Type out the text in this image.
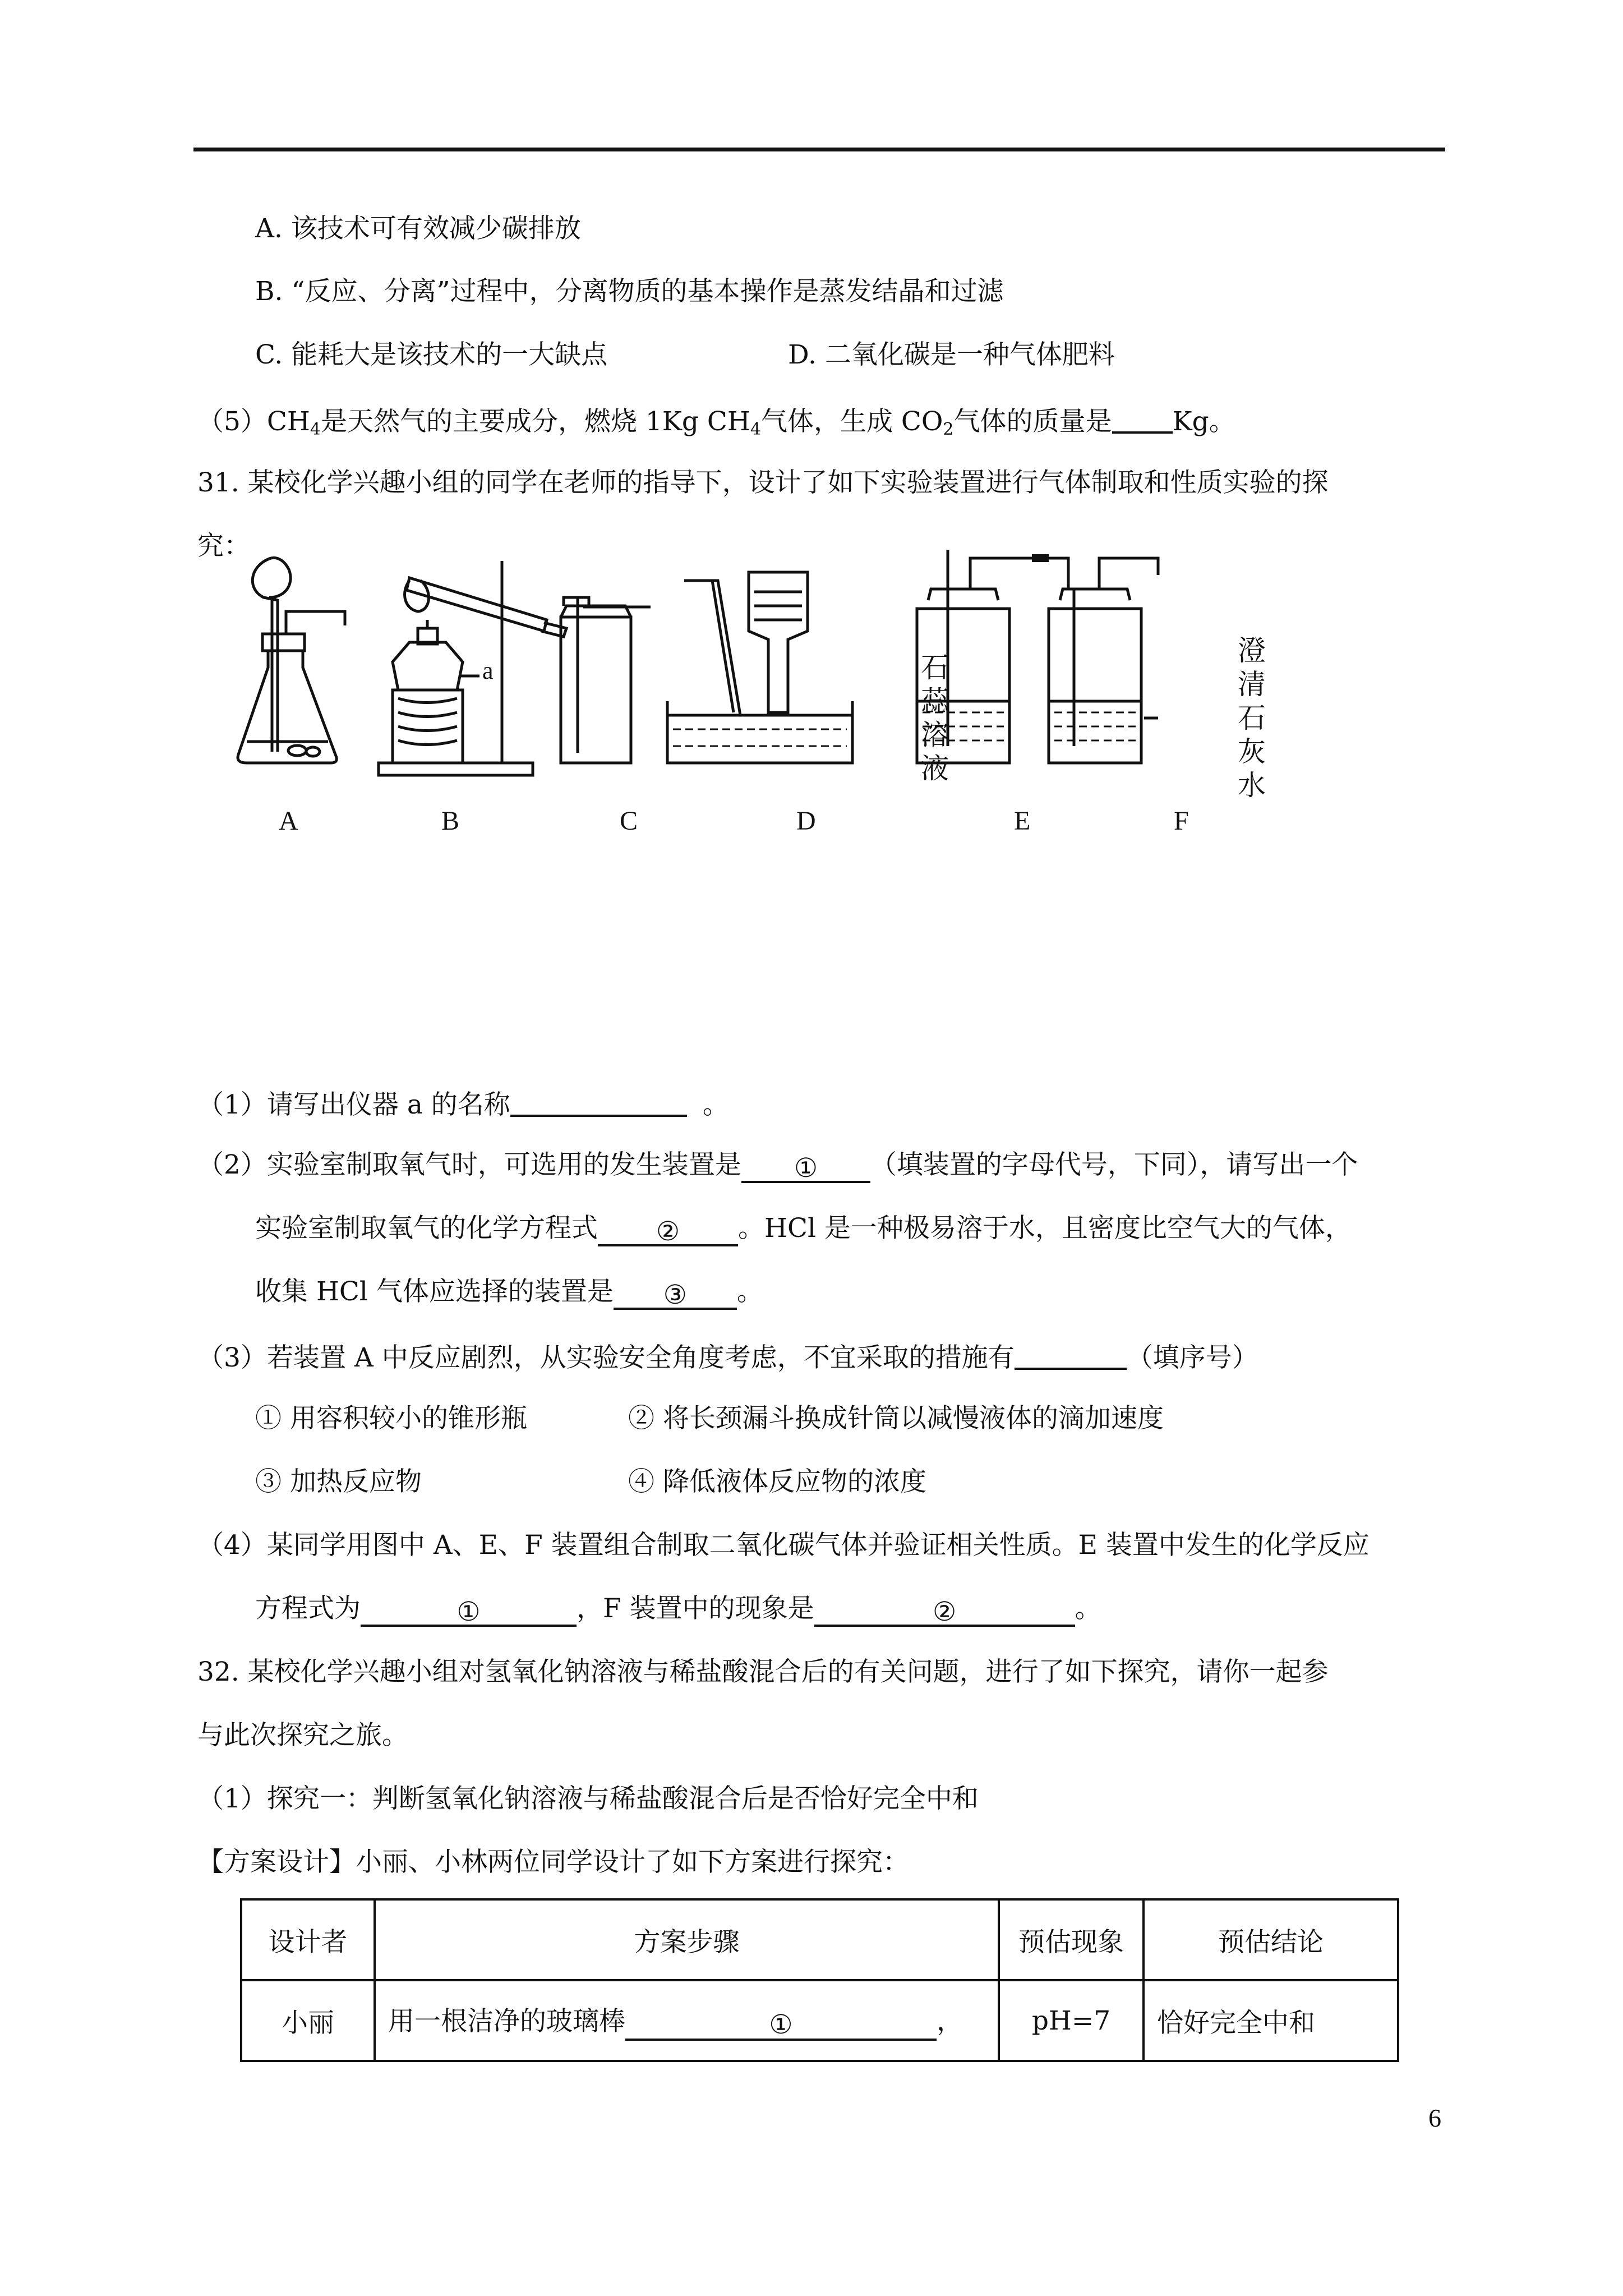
A. 该技术可有效减少碳排放
B. “反应、分离”过程中，分离物质的基本操作是蒸发结晶和过滤
C. 能耗大是该技术的一大缺点	D. 二氧化碳是一种气体肥料
$(5)CH_4$是天然气的主要成分，燃烧 1Kg $CH_4$气体，生成 $CO_2$气体的质量是 Kg。
31. 某校化学兴趣小组的同学在老师的指导下，设计了如下实验装置进行气体制取和性质实验的探
究：
A	B	C	D	E	F
a	石
蕊
溶
液
澄
清
石
灰
水
（1）请写出仪器 a 的名称	。
（2）实验室制取氧气时，可选用的发生装置是 ① （填装置的字母代号，下同），请写出一个
实验室制取氧气的化学方程式 ② 。HCl 是一种极易溶于水，且密度比空气大的气体，
收集 HCl 气体应选择的装置是 ③ 。
（3）若装置 A 中反应剧烈，从实验安全角度考虑，不宜采取的措施有	（填序号）
① 用容积较小的锥形瓶	② 将长颈漏斗换成针筒以减慢液体的滴加速度
③ 加热反应物	④ 降低液体反应物的浓度
（4）某同学用图中 A、E、F 装置组合制取二氧化碳气体并验证相关性质。E 装置中发生的化学反应
方程式为	①	，F 装置中的现象是	②	。
32. 某校化学兴趣小组对氢氧化钠溶液与稀盐酸混合后的有关问题，进行了如下探究，请你一起参
与此次探究之旅。
（1）探究一：判断氢氧化钠溶液与稀盐酸混合后是否恰好完全中和
【方案设计】小丽、小林两位同学设计了如下方案进行探究：
设计者	方案步骤	预估现象	预估结论
小丽	用一根洁净的玻璃棒 ① ，	pH=7	恰好完全中和
6
